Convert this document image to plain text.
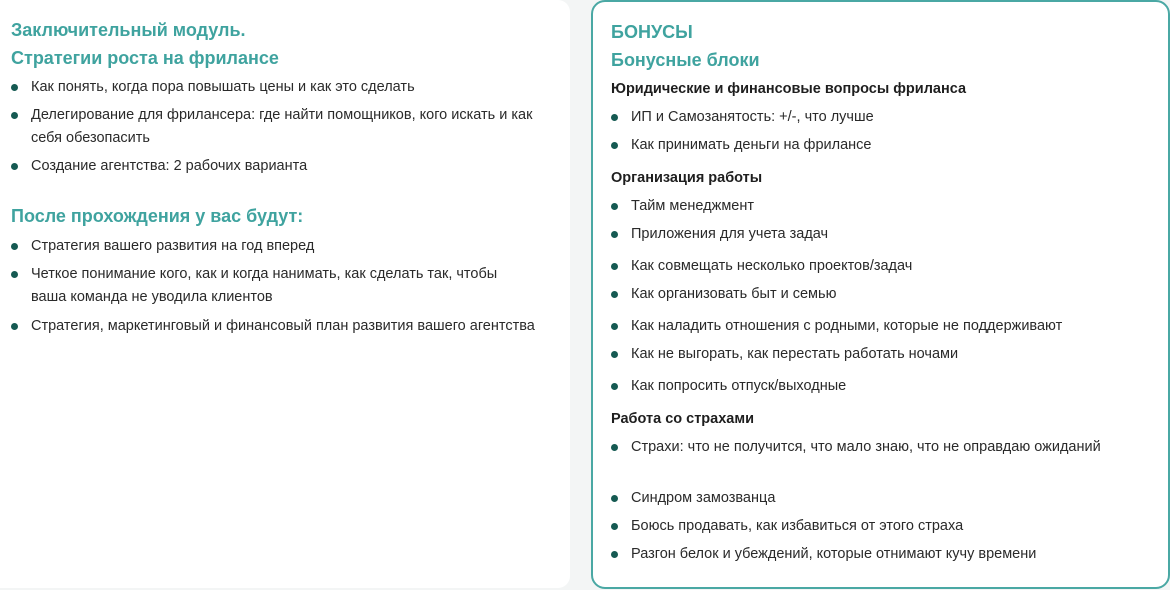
Заключительный модуль.
Стратегии роста на фрилансе
Как понять, когда пора повышать цены и как это сделать
Делегирование для фрилансера: где найти помощников, кого искать и как себя обезопасить
Создание агентства: 2 рабочих варианта
После прохождения у вас будут:
Стратегия вашего развития на год вперед
Четкое понимание кого, как и когда нанимать, как сделать так, чтобы ваша команда не уводила клиентов
Стратегия, маркетинговый и финансовый план развития вашего агентства
БОНУСЫ
Бонусные блоки
Юридические и финансовые вопросы фриланса
ИП и Самозанятость: +/-, что лучше
Как принимать деньги на фрилансе
Организация работы
Тайм менеджмент
Приложения для учета задач
Как совмещать несколько проектов/задач
Как организовать быт и семью
Как наладить отношения с родными, которые не поддерживают
Как не выгорать, как перестать работать ночами
Как попросить отпуск/выходные
Работа со страхами
Страхи: что не получится, что мало знаю, что не оправдаю ожиданий
Синдром замозванца
Боюсь продавать, как избавиться от этого страха
Разгон белок и убеждений, которые отнимают кучу времени
